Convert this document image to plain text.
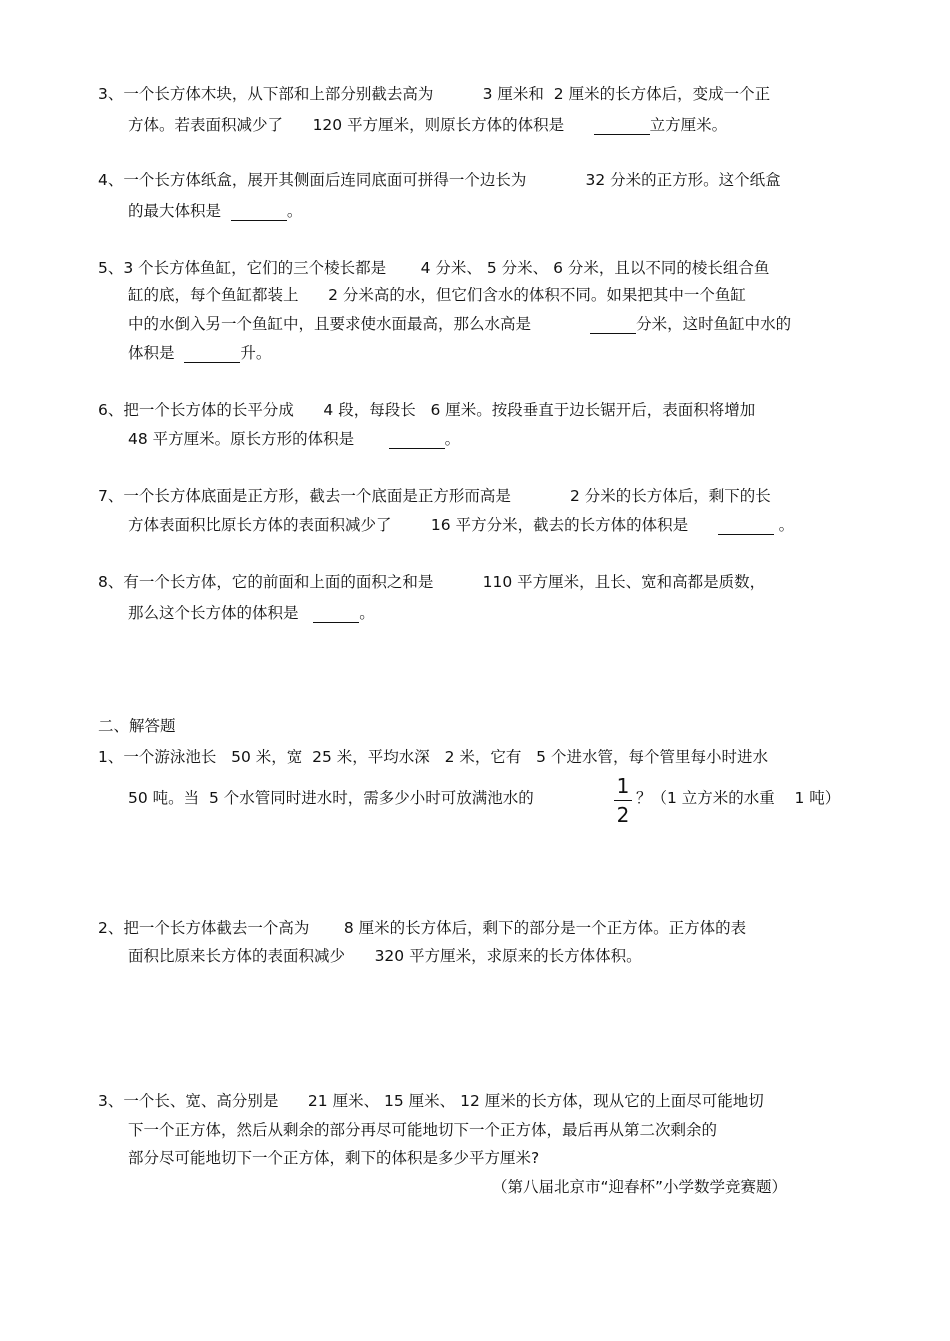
3、一个长方体木块，从下部和上部分别截去高为          3 厘米和  2 厘米的长方体后，变成一个正
方体。若表面积减少了      120 平方厘米，则原长方体的体积是	立方厘米。
4、一个长方体纸盒，展开其侧面后连同底面可拼得一个边长为            32 分米的正方形。这个纸盒
的最大体积是	。
5、3 个长方体鱼缸，它们的三个棱长都是       4 分米、 5 分米、 6 分米，且以不同的棱长组合鱼
缸的底，每个鱼缸都装上      2 分米高的水，但它们含水的体积不同。如果把其中一个鱼缸
中的水倒入另一个鱼缸中，且要求使水面最高，那么水高是	分米，这时鱼缸中水的
体积是	升。
6、把一个长方体的长平分成      4 段，每段长   6 厘米。按段垂直于边长锯开后，表面积将增加
48 平方厘米。原长方形的体积是	。
7、一个长方体底面是正方形，截去一个底面是正方形而高是            2 分米的长方体后，剩下的长
方体表面积比原长方体的表面积减少了        16 平方分米，截去的长方体的体积是	。
8、有一个长方体，它的前面和上面的面积之和是          110 平方厘米，且长、宽和高都是质数，
那么这个长方体的体积是	。
二、解答题
1、一个游泳池长   50 米，宽  25 米，平均水深   2 米，它有   5 个进水管，每个管里每小时进水
50 吨。当  5 个水管同时进水时，需多少小时可放满池水的	1
2
？（1 立方米的水重    1 吨）
2、把一个长方体截去一个高为       8 厘米的长方体后，剩下的部分是一个正方体。正方体的表
面积比原来长方体的表面积减少      320 平方厘米，求原来的长方体体积。
3、一个长、宽、高分别是      21 厘米、 15 厘米、 12 厘米的长方体，现从它的上面尽可能地切
下一个正方体，然后从剩余的部分再尽可能地切下一个正方体，最后再从第二次剩余的
部分尽可能地切下一个正方体，剩下的体积是多少平方厘米?
（第八届北京市“迎春杯”小学数学竞赛题）
